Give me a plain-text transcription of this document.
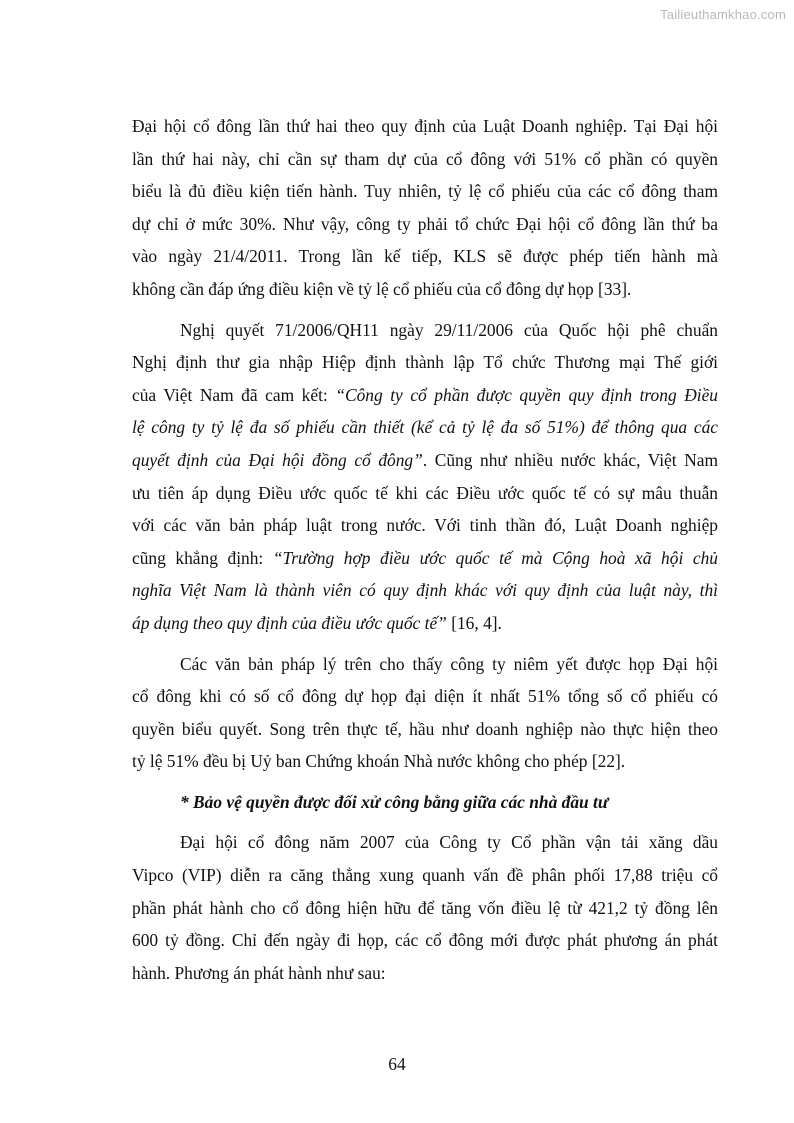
Tailieuthamkhao.com
Đại hội cổ đông lần thứ hai theo quy định của Luật Doanh nghiệp. Tại Đại hội
lần thứ hai này, chỉ cần sự tham dự của cổ đông với 51% cổ phần có quyền
biểu là đủ điều kiện tiến hành. Tuy nhiên, tỷ lệ cổ phiếu của các cổ đông tham
dự chỉ ở mức 30%. Như vậy, công ty phải tổ chức Đại hội cổ đông lần thứ ba
vào ngày 21/4/2011. Trong lần kế tiếp, KLS sẽ được phép tiến hành mà
không cần đáp ứng điều kiện về tỷ lệ cổ phiếu của cổ đông dự họp [33].
Nghị quyết 71/2006/QH11 ngày 29/11/2006 của Quốc hội phê chuẩn
Nghị định thư gia nhập Hiệp định thành lập Tổ chức Thương mại Thế giới
của Việt Nam đã cam kết: “Công ty cổ phần được quyền quy định trong Điều
lệ công ty tỷ lệ đa số phiếu cần thiết (kể cả tỷ lệ đa số 51%) để thông qua các
quyết định của Đại hội đồng cổ đông”. Cũng như nhiều nước khác, Việt Nam
ưu tiên áp dụng Điều ước quốc tế khi các Điều ước quốc tế có sự mâu thuẫn
với các văn bản pháp luật trong nước. Với tinh thần đó, Luật Doanh nghiệp
cũng khẳng định: “Trường hợp điều ước quốc tế mà Cộng hoà xã hội chủ
nghĩa Việt Nam là thành viên có quy định khác với quy định của luật này, thì
áp dụng theo quy định của điều ước quốc tế” [16, 4].
Các văn bản pháp lý trên cho thấy công ty niêm yết được họp Đại hội
cổ đông khi có số cổ đông dự họp đại diện ít nhất 51% tổng số cổ phiếu có
quyền biểu quyết. Song trên thực tế, hầu như doanh nghiệp nào thực hiện theo
tỷ lệ 51% đều bị Uỷ ban Chứng khoán Nhà nước không cho phép [22].
* Bảo vệ quyền được đối xử công bằng giữa các nhà đầu tư
Đại hội cổ đông năm 2007 của Công ty Cổ phần vận tải xăng dầu
Vipco (VIP) diễn ra căng thẳng xung quanh vấn đề phân phối 17,88 triệu cổ
phần phát hành cho cổ đông hiện hữu để tăng vốn điều lệ từ 421,2 tỷ đồng lên
600 tỷ đồng. Chỉ đến ngày đi họp, các cổ đông mới được phát phương án phát
hành. Phương án phát hành như sau:
64
